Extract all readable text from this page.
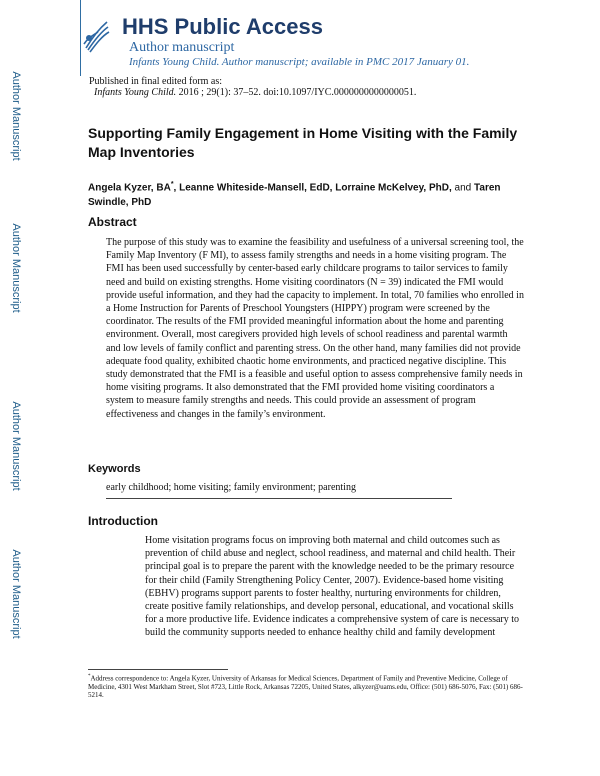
Author Manuscript
Author Manuscript
Author Manuscript
Author Manuscript
HHS Public Access
Author manuscript
Infants Young Child. Author manuscript; available in PMC 2017 January 01.
Published in final edited form as:
Infants Young Child. 2016 ; 29(1): 37–52. doi:10.1097/IYC.0000000000000051.
Supporting Family Engagement in Home Visiting with the Family Map Inventories
Angela Kyzer, BA*, Leanne Whiteside-Mansell, EdD, Lorraine McKelvey, PhD, and Taren Swindle, PhD
Abstract
The purpose of this study was to examine the feasibility and usefulness of a universal screening tool, the Family Map Inventory (F MI), to assess family strengths and needs in a home visiting program. The FMI has been used successfully by center-based early childcare programs to tailor services to family need and build on existing strengths. Home visiting coordinators (N = 39) indicated the FMI would provide useful information, and they had the capacity to implement. In total, 70 families who enrolled in a Home Instruction for Parents of Preschool Youngsters (HIPPY) program were screened by the coordinator. The results of the FMI provided meaningful information about the home and parenting environment. Overall, most caregivers provided high levels of school readiness and parental warmth and low levels of family conflict and parenting stress. On the other hand, many families did not provide adequate food quality, exhibited chaotic home environments, and practiced negative discipline. This study demonstrated that the FMI is a feasible and useful option to assess comprehensive family needs in home visiting programs. It also demonstrated that the FMI provided home visiting coordinators a system to measure family strengths and needs. This could provide an assessment of program effectiveness and changes in the family’s environment.
Keywords
early childhood; home visiting; family environment; parenting
Introduction
Home visitation programs focus on improving both maternal and child outcomes such as prevention of child abuse and neglect, school readiness, and maternal and child health. Their principal goal is to prepare the parent with the knowledge needed to be the primary resource for their child (Family Strengthening Policy Center, 2007). Evidence-based home visiting (EBHV) programs support parents to foster healthy, nurturing environments for children, create positive family relationships, and develop personal, educational, and vocational skills for a more productive life. Evidence indicates a comprehensive system of care is necessary to build the community supports needed to enhance healthy child and family development
*Address correspondence to: Angela Kyzer, University of Arkansas for Medical Sciences, Department of Family and Preventive Medicine, College of Medicine, 4301 West Markham Street, Slot #723, Little Rock, Arkansas 72205, United States, alkyzer@uams.edu, Office: (501) 686-5076, Fax: (501) 686-5214.
